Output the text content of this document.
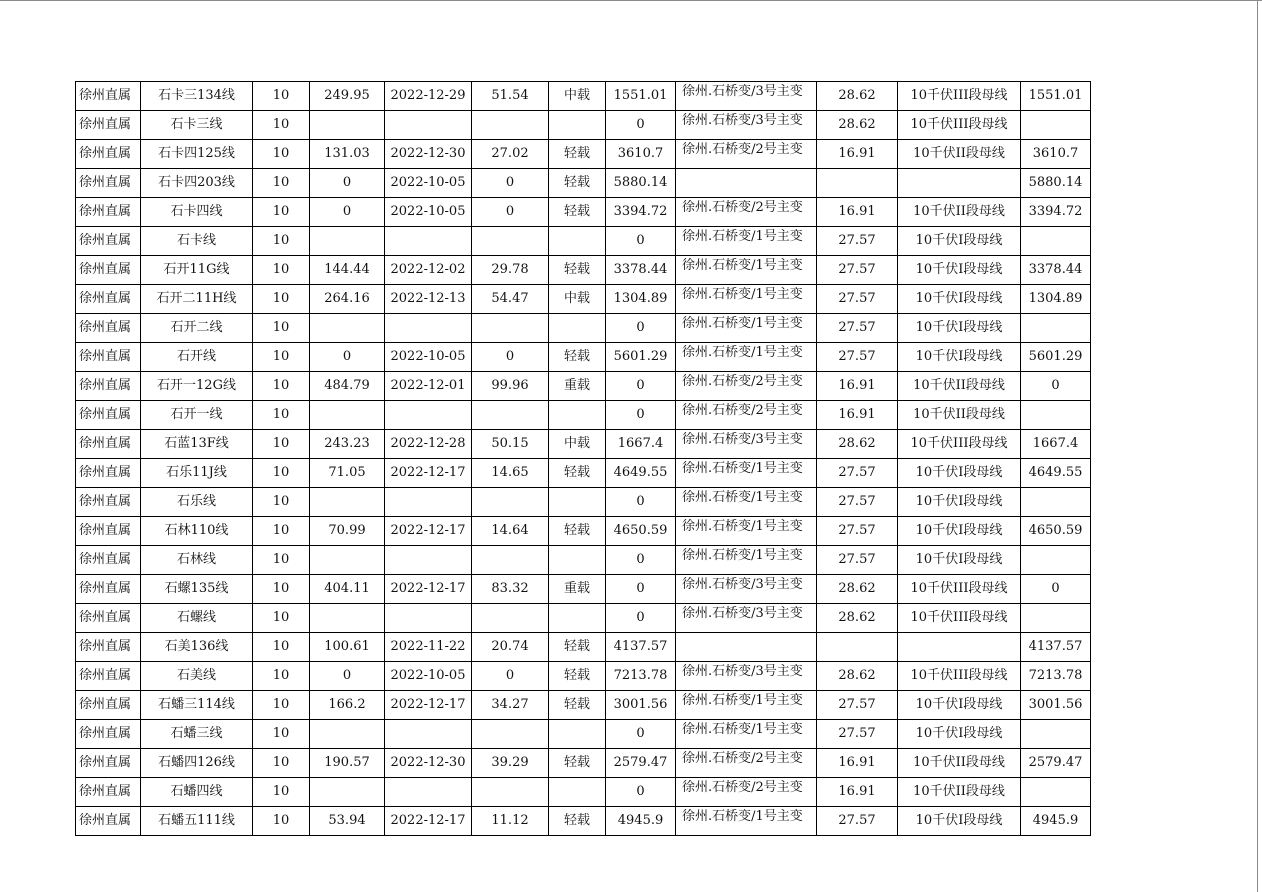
徐州直属	石卡三134线	10	249.95	2022-12-29	51.54	中载	1551.01	徐州.石桥变/3号主变	28.62	10千伏III段母线	1551.01
徐州直属	石卡三线	10					0	徐州.石桥变/3号主变	28.62	10千伏III段母线	
徐州直属	石卡四125线	10	131.03	2022-12-30	27.02	轻载	3610.7	徐州.石桥变/2号主变	16.91	10千伏II段母线	3610.7
徐州直属	石卡四203线	10	0	2022-10-05	0	轻载	5880.14				5880.14
徐州直属	石卡四线	10	0	2022-10-05	0	轻载	3394.72	徐州.石桥变/2号主变	16.91	10千伏II段母线	3394.72
徐州直属	石卡线	10					0	徐州.石桥变/1号主变	27.57	10千伏I段母线	
徐州直属	石开11G线	10	144.44	2022-12-02	29.78	轻载	3378.44	徐州.石桥变/1号主变	27.57	10千伏I段母线	3378.44
徐州直属	石开二11H线	10	264.16	2022-12-13	54.47	中载	1304.89	徐州.石桥变/1号主变	27.57	10千伏I段母线	1304.89
徐州直属	石开二线	10					0	徐州.石桥变/1号主变	27.57	10千伏I段母线	
徐州直属	石开线	10	0	2022-10-05	0	轻载	5601.29	徐州.石桥变/1号主变	27.57	10千伏I段母线	5601.29
徐州直属	石开一12G线	10	484.79	2022-12-01	99.96	重载	0	徐州.石桥变/2号主变	16.91	10千伏II段母线	0
徐州直属	石开一线	10					0	徐州.石桥变/2号主变	16.91	10千伏II段母线	
徐州直属	石蓝13F线	10	243.23	2022-12-28	50.15	中载	1667.4	徐州.石桥变/3号主变	28.62	10千伏III段母线	1667.4
徐州直属	石乐11J线	10	71.05	2022-12-17	14.65	轻载	4649.55	徐州.石桥变/1号主变	27.57	10千伏I段母线	4649.55
徐州直属	石乐线	10					0	徐州.石桥变/1号主变	27.57	10千伏I段母线	
徐州直属	石林110线	10	70.99	2022-12-17	14.64	轻载	4650.59	徐州.石桥变/1号主变	27.57	10千伏I段母线	4650.59
徐州直属	石林线	10					0	徐州.石桥变/1号主变	27.57	10千伏I段母线	
徐州直属	石螺135线	10	404.11	2022-12-17	83.32	重载	0	徐州.石桥变/3号主变	28.62	10千伏III段母线	0
徐州直属	石螺线	10					0	徐州.石桥变/3号主变	28.62	10千伏III段母线	
徐州直属	石美136线	10	100.61	2022-11-22	20.74	轻载	4137.57				4137.57
徐州直属	石美线	10	0	2022-10-05	0	轻载	7213.78	徐州.石桥变/3号主变	28.62	10千伏III段母线	7213.78
徐州直属	石蟠三114线	10	166.2	2022-12-17	34.27	轻载	3001.56	徐州.石桥变/1号主变	27.57	10千伏I段母线	3001.56
徐州直属	石蟠三线	10					0	徐州.石桥变/1号主变	27.57	10千伏I段母线	
徐州直属	石蟠四126线	10	190.57	2022-12-30	39.29	轻载	2579.47	徐州.石桥变/2号主变	16.91	10千伏II段母线	2579.47
徐州直属	石蟠四线	10					0	徐州.石桥变/2号主变	16.91	10千伏II段母线	
徐州直属	石蟠五111线	10	53.94	2022-12-17	11.12	轻载	4945.9	徐州.石桥变/1号主变	27.57	10千伏I段母线	4945.9
